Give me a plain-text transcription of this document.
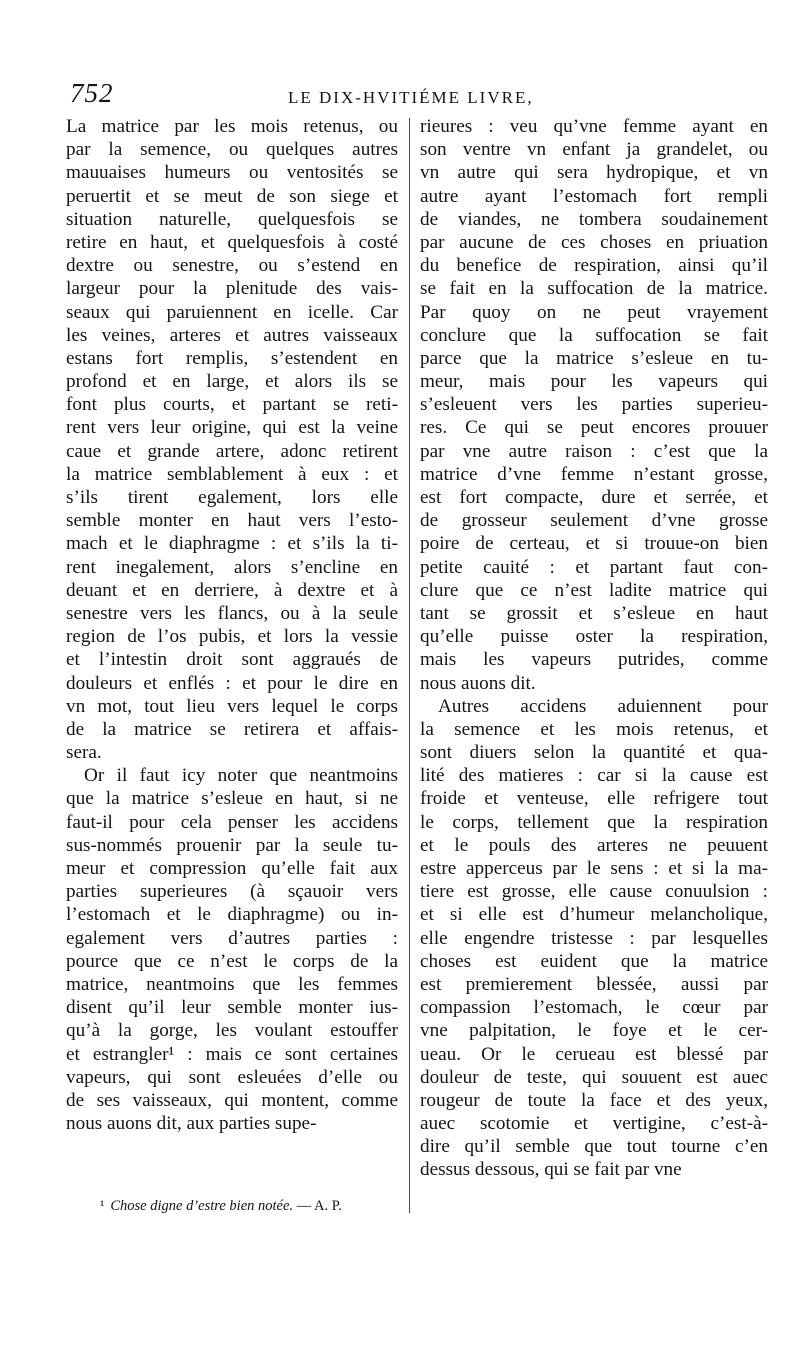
752	LE DIX-HVITIÉME LIVRE,
La matrice par les mois retenus, ou
par la semence, ou quelques autres
mauuaises humeurs ou ventosités se
peruertit et se meut de son siege et
situation naturelle, quelquesfois se
retire en haut, et quelquesfois à costé
dextre ou senestre, ou s’estend en
largeur pour la plenitude des vais-
seaux qui paruiennent en icelle. Car
les veines, arteres et autres vaisseaux
estans fort remplis, s’estendent en
profond et en large, et alors ils se
font plus courts, et partant se reti-
rent vers leur origine, qui est la veine
caue et grande artere, adonc retirent
la matrice semblablement à eux : et
s’ils tirent egalement, lors elle
semble monter en haut vers l’esto-
mach et le diaphragme : et s’ils la ti-
rent inegalement, alors s’encline en
deuant et en derriere, à dextre et à
senestre vers les flancs, ou à la seule
region de l’os pubis, et lors la vessie
et l’intestin droit sont aggraués de
douleurs et enflés : et pour le dire en
vn mot, tout lieu vers lequel le corps
de la matrice se retirera et affais-
sera.
Or il faut icy noter que neantmoins
que la matrice s’esleue en haut, si ne
faut-il pour cela penser les accidens
sus-nommés prouenir par la seule tu-
meur et compression qu’elle fait aux
parties superieures (à sçauoir vers
l’estomach et le diaphragme) ou in-
egalement vers d’autres parties :
pource que ce n’est le corps de la
matrice, neantmoins que les femmes
disent qu’il leur semble monter ius-
qu’à la gorge, les voulant estouffer
et estrangler¹ : mais ce sont certaines
vapeurs, qui sont esleuées d’elle ou
de ses vaisseaux, qui montent, comme
nous auons dit, aux parties supe-
rieures : veu qu’vne femme ayant en
son ventre vn enfant ja grandelet, ou
vn autre qui sera hydropique, et vn
autre ayant l’estomach fort rempli
de viandes, ne tombera soudainement
par aucune de ces choses en priuation
du benefice de respiration, ainsi qu’il
se fait en la suffocation de la matrice.
Par quoy on ne peut vrayement
conclure que la suffocation se fait
parce que la matrice s’esleue en tu-
meur, mais pour les vapeurs qui
s’esleuent vers les parties superieu-
res. Ce qui se peut encores prouuer
par vne autre raison : c’est que la
matrice d’vne femme n’estant grosse,
est fort compacte, dure et serrée, et
de grosseur seulement d’vne grosse
poire de certeau, et si trouue-on bien
petite cauité : et partant faut con-
clure que ce n’est ladite matrice qui
tant se grossit et s’esleue en haut
qu’elle puisse oster la respiration,
mais les vapeurs putrides, comme
nous auons dit.
Autres accidens aduiennent pour
la semence et les mois retenus, et
sont diuers selon la quantité et qua-
lité des matieres : car si la cause est
froide et venteuse, elle refrigere tout
le corps, tellement que la respiration
et le pouls des arteres ne peuuent
estre apperceus par le sens : et si la ma-
tiere est grosse, elle cause conuulsion :
et si elle est d’humeur melancholique,
elle engendre tristesse : par lesquelles
choses est euident que la matrice
est premierement blessée, aussi par
compassion l’estomach, le cœur par
vne palpitation, le foye et le cer-
ueau. Or le cerueau est blessé par
douleur de teste, qui souuent est auec
rougeur de toute la face et des yeux,
auec scotomie et vertigine, c’est-à-
dire qu’il semble que tout tourne c’en
dessus dessous, qui se fait par vne
¹ Chose digne d’estre bien notée. — A. P.
